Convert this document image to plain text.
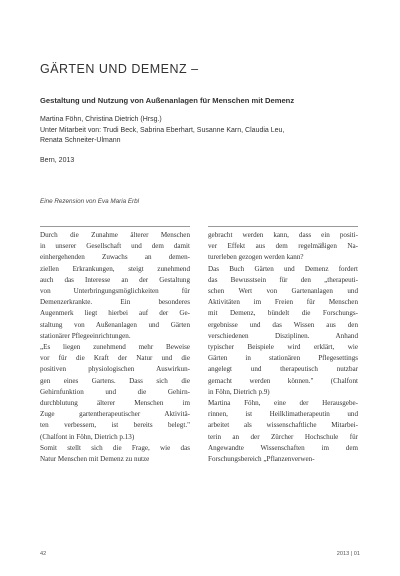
GÄRTEN UND DEMENZ –

Gestaltung und Nutzung von Außenanlagen für Menschen mit Demenz

Martina Föhn, Christina Dietrich (Hrsg.)
Unter Mitarbeit von: Trudi Beck, Sabrina Eberhart, Susanne Karn, Claudia Leu,
Renata Schneiter-Ulmann
Bern, 2013
Eine Rezension von Eva Maria Erbl
Durch die Zunahme älterer Menschen
in unserer Gesellschaft und dem damit
einhergehenden Zuwachs an demen-
ziellen Erkrankungen, steigt zunehmend
auch das Interesse an der Gestaltung
von Unterbringungsmöglichkeiten für
Demenzerkrankte. Ein besonderes
Augenmerk liegt hierbei auf der Ge-
staltung von Außenanlagen und Gärten
stationärer Pflegeeinrichtungen.
„Es liegen zunehmend mehr Beweise
vor für die Kraft der Natur und die
positiven physiologischen Auswirkun-
gen eines Gartens. Dass sich die
Gehirnfunktion und die Gehirn-
durchblutung älterer Menschen im
Zuge gartentherapeutischer Aktivitä-
ten verbessern, ist bereits belegt."
(Chalfont in Föhn, Dietrich p.13)
Somit stellt sich die Frage, wie das
Natur Menschen mit Demenz zu nutze
gebracht werden kann, dass ein positi-
ver Effekt aus dem regelmäßigen Na-
turerleben gezogen werden kann?
Das Buch Gärten und Demenz fordert
das Bewusstsein für den „therapeuti-
schen Wert von Gartenanlagen und
Aktivitäten im Freien für Menschen
mit Demenz, bündelt die Forschungs-
ergebnisse und das Wissen aus den
verschiedenen Disziplinen. Anhand
typischer Beispiele wird erklärt, wie
Gärten in stationären Pflegesettings
angelegt und therapeutisch nutzbar
gemacht werden können." (Chalfont
in Föhn, Dietrich p.9)
Martina Föhn, eine der Herausgebe-
rinnen, ist Heilklimatherapeutin und
arbeitet als wissenschaftliche Mitarbei-
terin an der Zürcher Hochschule für
Angewandte Wissenschaften im dem
Forschungsbereich „Pflanzenverwen-
42	2013 | 01
